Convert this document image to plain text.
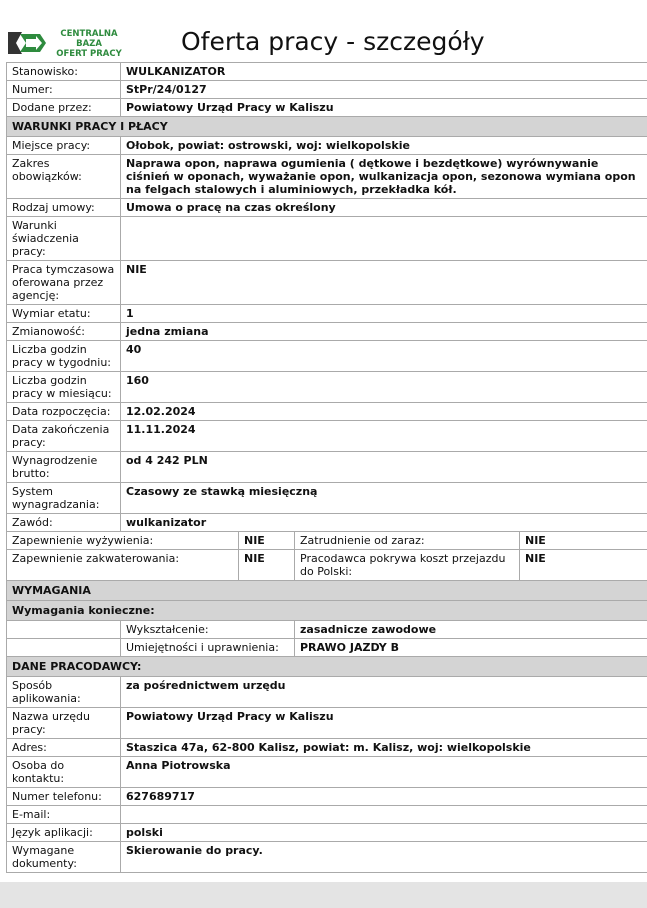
CENTRALNA BAZA
OFERT PRACY Oferta pracy - szczegóły
Stanowisko:	WULKANIZATOR			
Numer:	StPr/24/0127			
Dodane przez:	Powiatowy Urząd Pracy w Kaliszu			
WARUNKI PRACY I PŁACY				
Miejsce pracy:	Ołobok, powiat: ostrowski, woj: wielkopolskie			
Zakres obowiązków:	Naprawa opon, naprawa ogumienia ( dętkowe i bezdętkowe) wyrównywanie ciśnień w oponach, wyważanie opon, wulkanizacja opon, sezonowa wymiana opon na felgach stalowych i aluminiowych, przekładka kół.			
Rodzaj umowy:	Umowa o pracę na czas określony			
Warunki świadczenia pracy:				
Praca tymczasowa oferowana przez agencję:	NIE			
Wymiar etatu:	1			
Zmianowość:	jedna zmiana			
Liczba godzin pracy w tygodniu:	40			
Liczba godzin pracy w miesiącu:	160			
Data rozpoczęcia:	12.02.2024			
Data zakończenia pracy:	11.11.2024			
Wynagrodzenie brutto:	od 4 242 PLN			
System wynagradzania:	Czasowy ze stawką miesięczną			
Zawód:	wulkanizator			
Zapewnienie wyżywienia:		NIE	Zatrudnienie od zaraz:	NIE
Zapewnienie zakwaterowania:		NIE	Pracodawca pokrywa koszt przejazdu do Polski:	NIE
WYMAGANIA				
Wymagania konieczne:				
	Wykształcenie:		zasadnicze zawodowe	
	Umiejętności i uprawnienia:		PRAWO JAZDY B	
DANE PRACODAWCY:				
Sposób aplikowania:	za pośrednictwem urzędu			
Nazwa urzędu pracy:	Powiatowy Urząd Pracy w Kaliszu			
Adres:	Staszica 47a, 62-800 Kalisz, powiat: m. Kalisz, woj: wielkopolskie			
Osoba do kontaktu:	Anna Piotrowska			
Numer telefonu:	627689717			
E-mail:				
Język aplikacji:	polski			
Wymagane dokumenty:	Skierowanie do pracy.			
